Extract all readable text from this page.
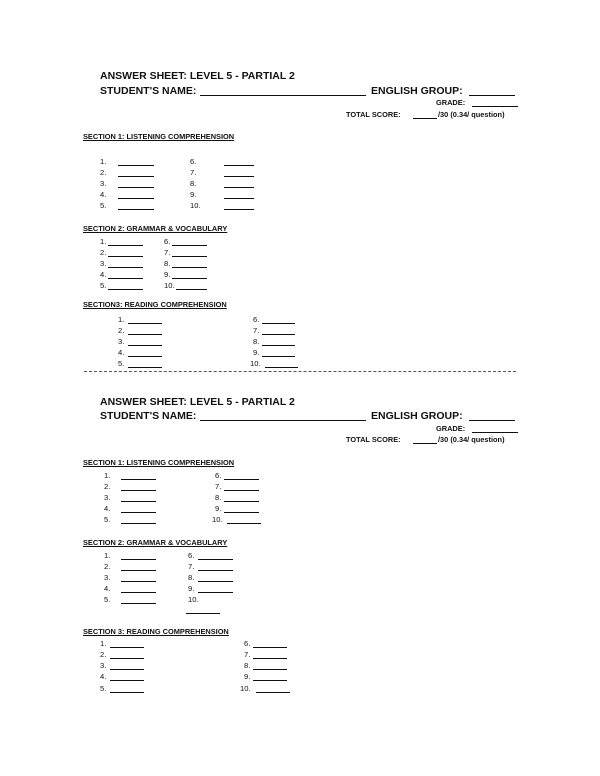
ANSWER SHEET: LEVEL 5 - PARTIAL 2
STUDENT'S NAME:	ENGLISH GROUP:
GRADE:
TOTAL SCORE:	/30 (0.34/ question)
SECTION 1: LISTENING COMPREHENSION
1.
2.
3.
4.
5.
6.
7.
8.
9.
10.
SECTION 2: GRAMMAR & VOCABULARY
1.
2.
3.
4.
5.
6.
7.
8.
9.
10.
SECTION3: READING COMPREHENSION
1.
2.
3.
4.
5.
6.
7.
8.
9.
10.
ANSWER SHEET: LEVEL 5 - PARTIAL 2
STUDENT'S NAME:	ENGLISH GROUP:
GRADE:
TOTAL SCORE:	/30 (0.34/ question)
SECTION 1: LISTENING COMPREHENSION
1.
2.
3.
4.
5.
6.
7.
8.
9.
10.
SECTION 2: GRAMMAR & VOCABULARY
1.
2.
3.
4.
5.
6.
7.
8.
9.
10.
SECTION 3: READING COMPREHENSION
1.
2.
3.
4.
5.
6.
7.
8.
9.
10.
